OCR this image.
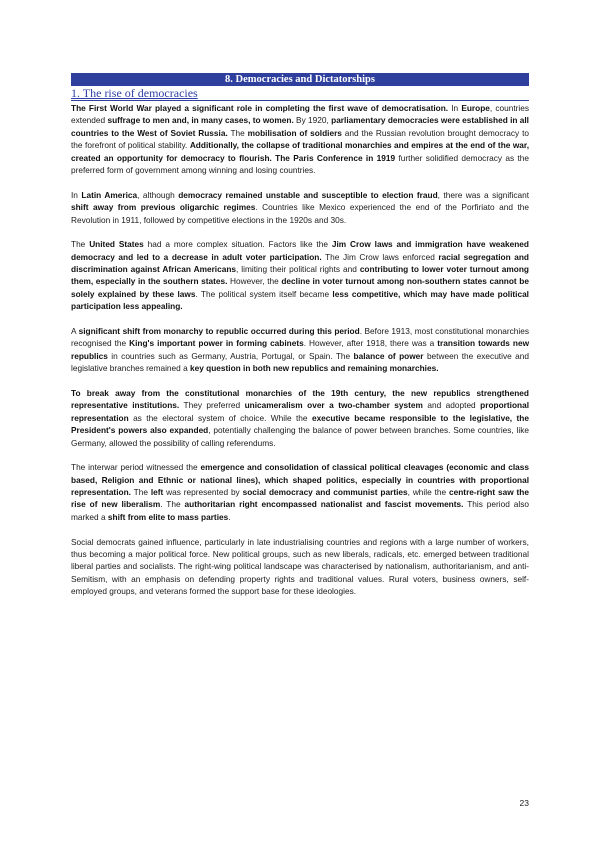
8. Democracies and Dictatorships
1. The rise of democracies

The First World War played a significant role in completing the first wave of democratisation. In Europe, countries extended suffrage to men and, in many cases, to women. By 1920, parliamentary democracies were established in all countries to the West of Soviet Russia. The mobilisation of soldiers and the Russian revolution brought democracy to the forefront of political stability. Additionally, the collapse of traditional monarchies and empires at the end of the war, created an opportunity for democracy to flourish. The Paris Conference in 1919 further solidified democracy as the preferred form of government among winning and losing countries.

In Latin America, although democracy remained unstable and susceptible to election fraud, there was a significant shift away from previous oligarchic regimes. Countries like Mexico experienced the end of the Porfiriato and the Revolution in 1911, followed by competitive elections in the 1920s and 30s.

The United States had a more complex situation. Factors like the Jim Crow laws and immigration have weakened democracy and led to a decrease in adult voter participation. The Jim Crow laws enforced racial segregation and discrimination against African Americans, limiting their political rights and contributing to lower voter turnout among them, especially in the southern states. However, the decline in voter turnout among non-southern states cannot be solely explained by these laws. The political system itself became less competitive, which may have made political participation less appealing.

A significant shift from monarchy to republic occurred during this period. Before 1913, most constitutional monarchies recognised the King's important power in forming cabinets. However, after 1918, there was a transition towards new republics in countries such as Germany, Austria, Portugal, or Spain. The balance of power between the executive and legislative branches remained a key question in both new republics and remaining monarchies.

To break away from the constitutional monarchies of the 19th century, the new republics strengthened representative institutions. They preferred unicameralism over a two-chamber system and adopted proportional representation as the electoral system of choice. While the executive became responsible to the legislative, the President's powers also expanded, potentially challenging the balance of power between branches. Some countries, like Germany, allowed the possibility of calling referendums.

The interwar period witnessed the emergence and consolidation of classical political cleavages (economic and class based, Religion and Ethnic or national lines), which shaped politics, especially in countries with proportional representation. The left was represented by social democracy and communist parties, while the centre-right saw the rise of new liberalism. The authoritarian right encompassed nationalist and fascist movements. This period also marked a shift from elite to mass parties.

Social democrats gained influence, particularly in late industrialising countries and regions with a large number of workers, thus becoming a major political force. New political groups, such as new liberals, radicals, etc. emerged between traditional liberal parties and socialists. The right-wing political landscape was characterised by nationalism, authoritarianism, and anti-Semitism, with an emphasis on defending property rights and traditional values. Rural voters, business owners, self-employed groups, and veterans formed the support base for these ideologies.

23
